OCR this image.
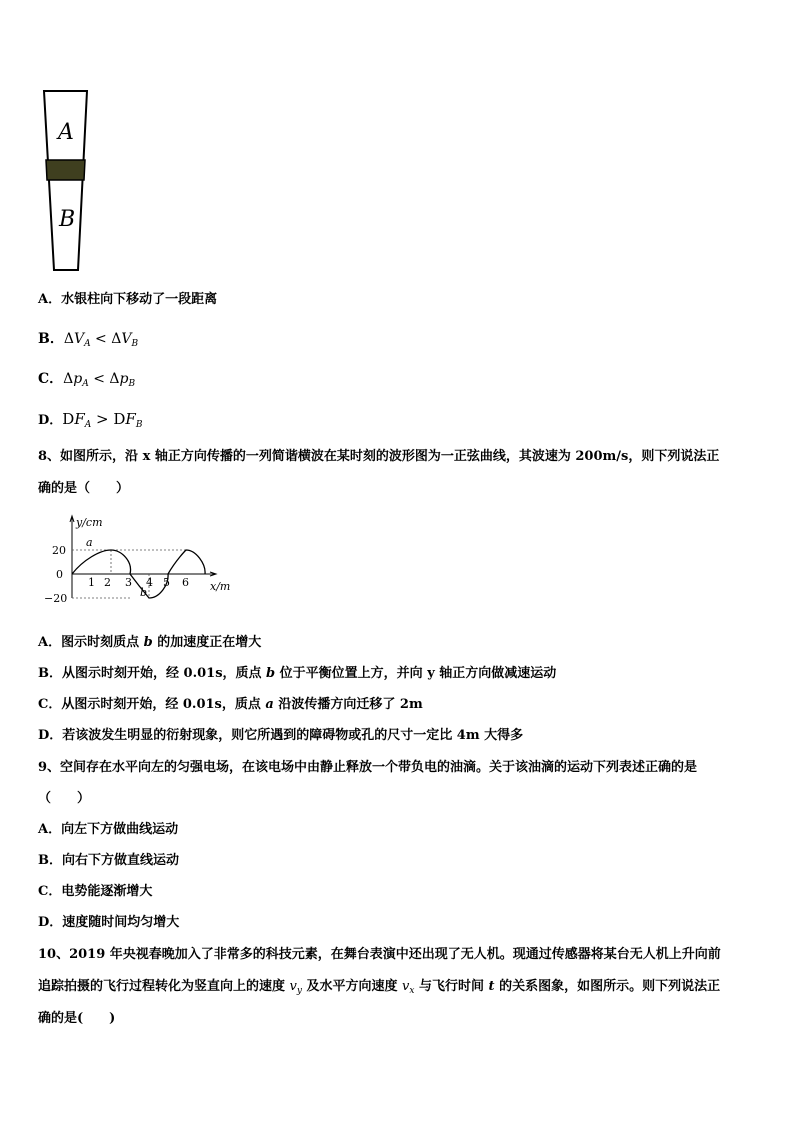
A
B
A．水银柱向下移动了一段距离
B．$\Delta V_A < \Delta V_B$
C．$\Delta p_A < \Delta p_B$
D．$DF_A > DF_B$
8、如图所示，沿 x 轴正方向传播的一列简谐横波在某时刻的波形图为一正弦曲线，其波速为 200m/s，则下列说法正
确的是（　　）
y/cm
x/m
20
0
−20
1 2 3 4 5 6
a
b
A．图示时刻质点 b 的加速度正在增大
B．从图示时刻开始，经 0.01s，质点 b 位于平衡位置上方，并向 y 轴正方向做减速运动
C．从图示时刻开始，经 0.01s，质点 a 沿波传播方向迁移了 2m
D．若该波发生明显的衍射现象，则它所遇到的障碍物或孔的尺寸一定比 4m 大得多
9、空间存在水平向左的匀强电场，在该电场中由静止释放一个带负电的油滴。关于该油滴的运动下列表述正确的是
（　　）
A．向左下方做曲线运动
B．向右下方做直线运动
C．电势能逐渐增大
D．速度随时间均匀增大
10、2019 年央视春晚加入了非常多的科技元素，在舞台表演中还出现了无人机。现通过传感器将某台无人机上升向前
追踪拍摄的飞行过程转化为竖直向上的速度 $v_y$ 及水平方向速度 $v_x$ 与飞行时间 t 的关系图象，如图所示。则下列说法正
确的是(　　)
